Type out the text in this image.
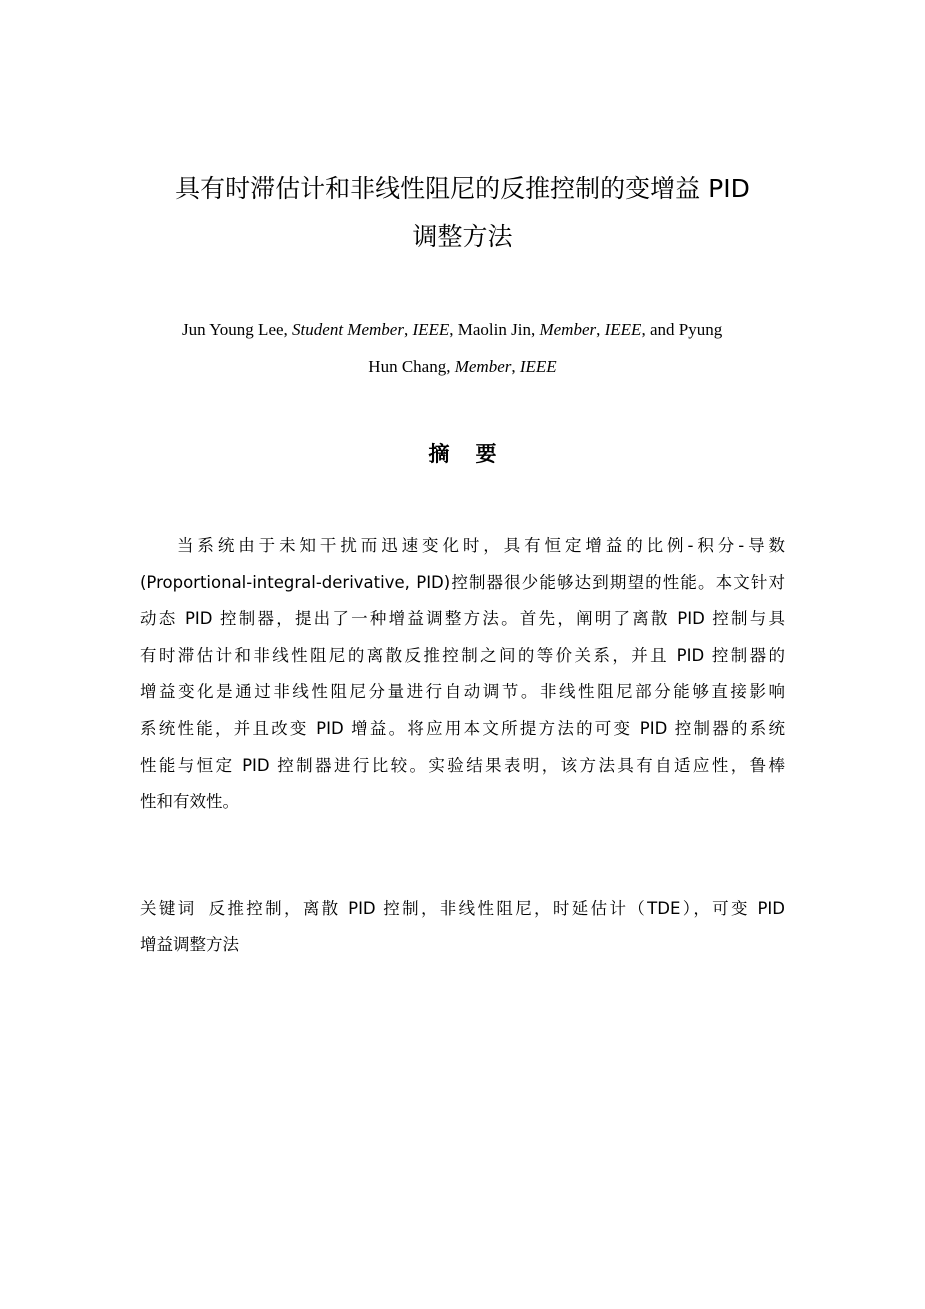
具有时滞估计和非线性阻尼的反推控制的变增益 PID
调整方法
Jun Young Lee, Student Member, IEEE, Maolin Jin, Member, IEEE, and Pyung
Hun Chang, Member, IEEE
摘要
当系统由于未知干扰而迅速变化时，具有恒定增益的比例-积分-导数
(Proportional-integral-derivative, PID)控制器很少能够达到期望的性能。本文针对
动态 PID 控制器，提出了一种增益调整方法。首先，阐明了离散 PID 控制与具
有时滞估计和非线性阻尼的离散反推控制之间的等价关系，并且 PID 控制器的
增益变化是通过非线性阻尼分量进行自动调节。非线性阻尼部分能够直接影响
系统性能，并且改变 PID 增益。将应用本文所提方法的可变 PID 控制器的系统
性能与恒定 PID 控制器进行比较。实验结果表明，该方法具有自适应性，鲁棒
性和有效性。
关键词 反推控制，离散 PID 控制，非线性阻尼，时延估计（TDE），可变 PID
增益调整方法
